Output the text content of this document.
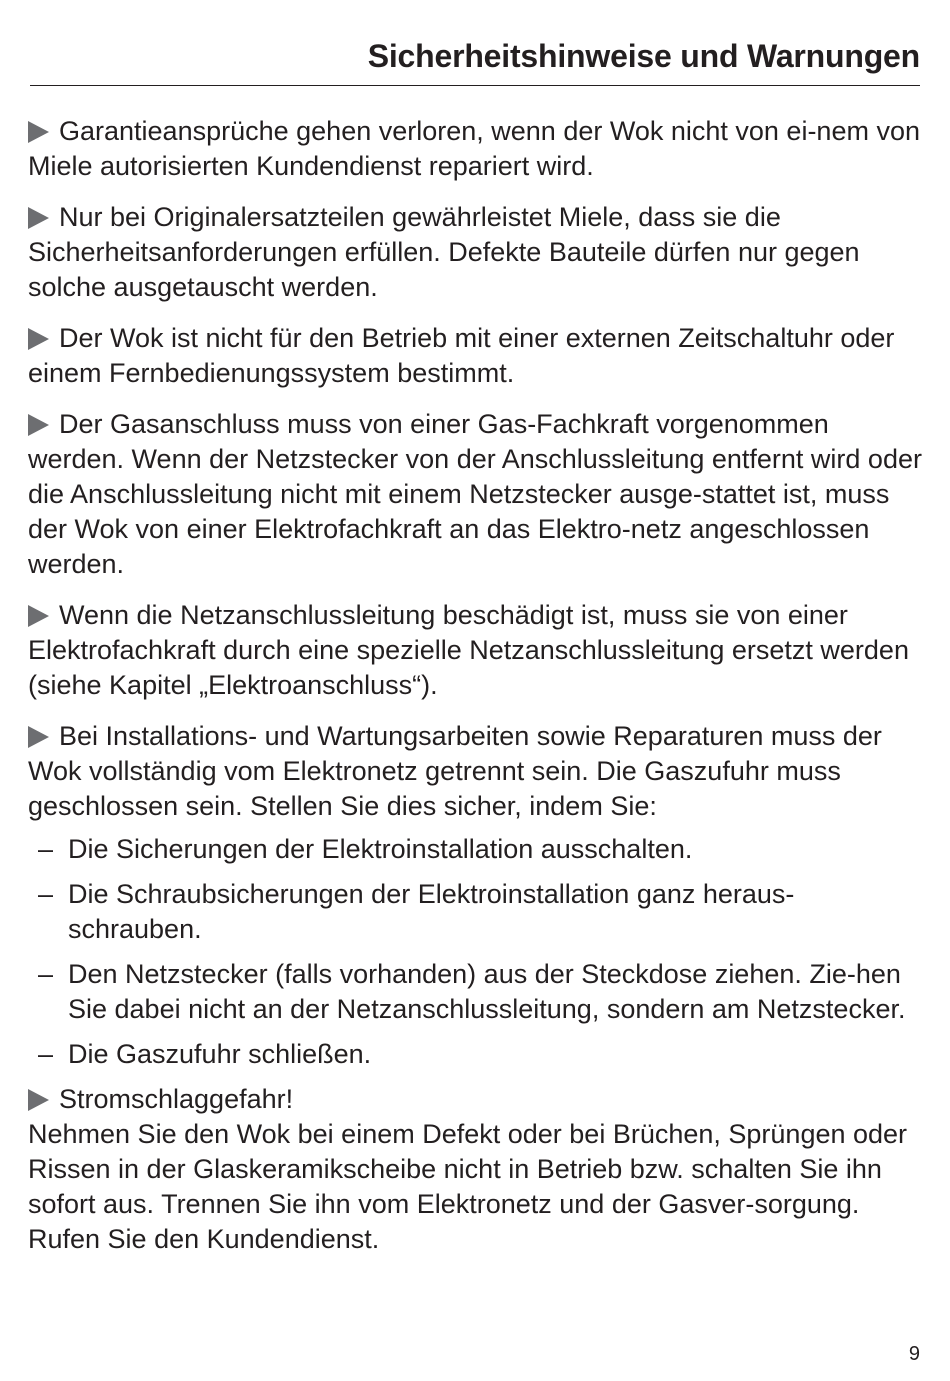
Sicherheitshinweise und Warnungen

Garantieansprüche gehen verloren, wenn der Wok nicht von ei-nem von Miele autorisierten Kundendienst repariert wird.

Nur bei Originalersatzteilen gewährleistet Miele, dass sie die Sicherheitsanforderungen erfüllen. Defekte Bauteile dürfen nur gegen solche ausgetauscht werden.

Der Wok ist nicht für den Betrieb mit einer externen Zeitschaltuhr oder einem Fernbedienungssystem bestimmt.

Der Gasanschluss muss von einer Gas-Fachkraft vorgenommen werden. Wenn der Netzstecker von der Anschlussleitung entfernt wird oder die Anschlussleitung nicht mit einem Netzstecker ausge-stattet ist, muss der Wok von einer Elektrofachkraft an das Elektro-netz angeschlossen werden.

Wenn die Netzanschlussleitung beschädigt ist, muss sie von einer Elektrofachkraft durch eine spezielle Netzanschlussleitung ersetzt werden (siehe Kapitel „Elektroanschluss“).

Bei Installations- und Wartungsarbeiten sowie Reparaturen muss der Wok vollständig vom Elektronetz getrennt sein. Die Gaszufuhr muss geschlossen sein. Stellen Sie dies sicher, indem Sie:

– Die Sicherungen der Elektroinstallation ausschalten.
– Die Schraubsicherungen der Elektroinstallation ganz heraus-schrauben.
– Den Netzstecker (falls vorhanden) aus der Steckdose ziehen. Zie-hen Sie dabei nicht an der Netzanschlussleitung, sondern am Netzstecker.
– Die Gaszufuhr schließen.

Stromschlaggefahr!

Nehmen Sie den Wok bei einem Defekt oder bei Brüchen, Sprüngen oder Rissen in der Glaskeramikscheibe nicht in Betrieb bzw. schalten Sie ihn sofort aus. Trennen Sie ihn vom Elektronetz und der Gasver-sorgung. Rufen Sie den Kundendienst.

9
